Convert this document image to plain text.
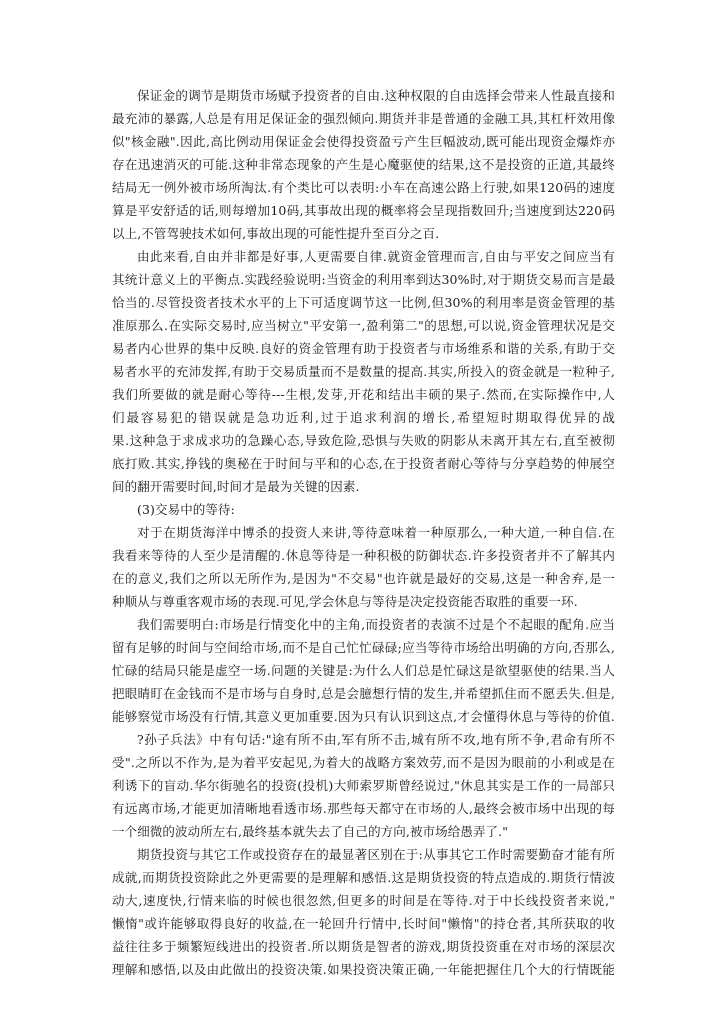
保证金的调节是期货市场赋予投资者的自由.这种权限的自由选择会带来人性最直接和
最充沛的暴露,人总是有用足保证金的强烈倾向.期货并非是普通的金融工具,其杠杆效用像
似"核金融".因此,高比例动用保证金会使得投资盈亏产生巨幅波动,既可能出现资金爆炸亦
存在迅速消灭的可能.这种非常态现象的产生是心魔驱使的结果,这不是投资的正道,其最终
结局无一例外被市场所淘汰.有个类比可以表明:小车在高速公路上行驶,如果120码的速度
算是平安舒适的话,则每增加10码,其事故出现的概率将会呈现指数回升;当速度到达220码
以上,不管驾驶技术如何,事故出现的可能性提升至百分之百.
由此来看,自由并非都是好事,人更需要自律.就资金管理而言,自由与平安之间应当有
其统计意义上的平衡点.实践经验说明:当资金的利用率到达30%时,对于期货交易而言是最
恰当的.尽管投资者技术水平的上下可适度调节这一比例,但30%的利用率是资金管理的基
准原那么.在实际交易时,应当树立"平安第一,盈利第二"的思想,可以说,资金管理状况是交
易者内心世界的集中反映.良好的资金管理有助于投资者与市场维系和谐的关系,有助于交
易者水平的充沛发挥,有助于交易质量而不是数量的提高.其实,所投入的资金就是一粒种子,
我们所要做的就是耐心等待---生根,发芽,开花和结出丰硕的果子.然而,在实际操作中,人
们最容易犯的错误就是急功近利,过于追求利润的增长,希望短时期取得优异的战
果.这种急于求成求功的急躁心态,导致危险,恐惧与失败的阴影从未离开其左右,直至被彻
底打败.其实,挣钱的奥秘在于时间与平和的心态,在于投资者耐心等待与分享趋势的伸展空
间的翻开需要时间,时间才是最为关键的因素.
(3)交易中的等待:
对于在期货海洋中博杀的投资人来讲,等待意味着一种原那么,一种大道,一种自信.在
我看来等待的人至少是清醒的.休息等待是一种积极的防御状态.许多投资者并不了解其内
在的意义,我们之所以无所作为,是因为"不交易"也许就是最好的交易,这是一种舍弃,是一
种顺从与尊重客观市场的表现.可见,学会休息与等待是决定投资能否取胜的重要一环.
我们需要明白:市场是行情变化中的主角,而投资者的表演不过是个不起眼的配角.应当
留有足够的时间与空间给市场,而不是自己忙忙碌碌;应当等待市场给出明确的方向,否那么,
忙碌的结局只能是虚空一场.问题的关键是:为什么人们总是忙碌这是欲望驱使的结果.当人
把眼睛盯在金钱而不是市场与自身时,总是会臆想行情的发生,并希望抓住而不愿丢失.但是,
能够察觉市场没有行情,其意义更加重要.因为只有认识到这点,才会懂得休息与等待的价值.
?孙子兵法》中有句话:"途有所不由,军有所不击,城有所不攻,地有所不争,君命有所不
受".之所以不作为,是为着平安起见,为着大的战略方案效劳,而不是因为眼前的小利或是在
利诱下的盲动.华尔街驰名的投资(投机)大师索罗斯曾经说过,"休息其实是工作的一局部只
有远离市场,才能更加清晰地看透市场.那些每天都守在市场的人,最终会被市场中出现的每
一个细微的波动所左右,最终基本就失去了自己的方向,被市场给愚弄了."
期货投资与其它工作或投资存在的最显著区别在于:从事其它工作时需要勤奋才能有所
成就,而期货投资除此之外更需要的是理解和感悟.这是期货投资的特点造成的.期货行情波
动大,速度快,行情来临的时候也很忽然,但更多的时间是在等待.对于中长线投资者来说,"
懒惰"或许能够取得良好的收益,在一轮回升行情中,长时间"懒惰"的持仓者,其所获取的收
益往往多于频繁短线进出的投资者.所以期货是智者的游戏,期货投资重在对市场的深层次
理解和感悟,以及由此做出的投资决策.如果投资决策正确,一年能把握住几个大的行情既能
